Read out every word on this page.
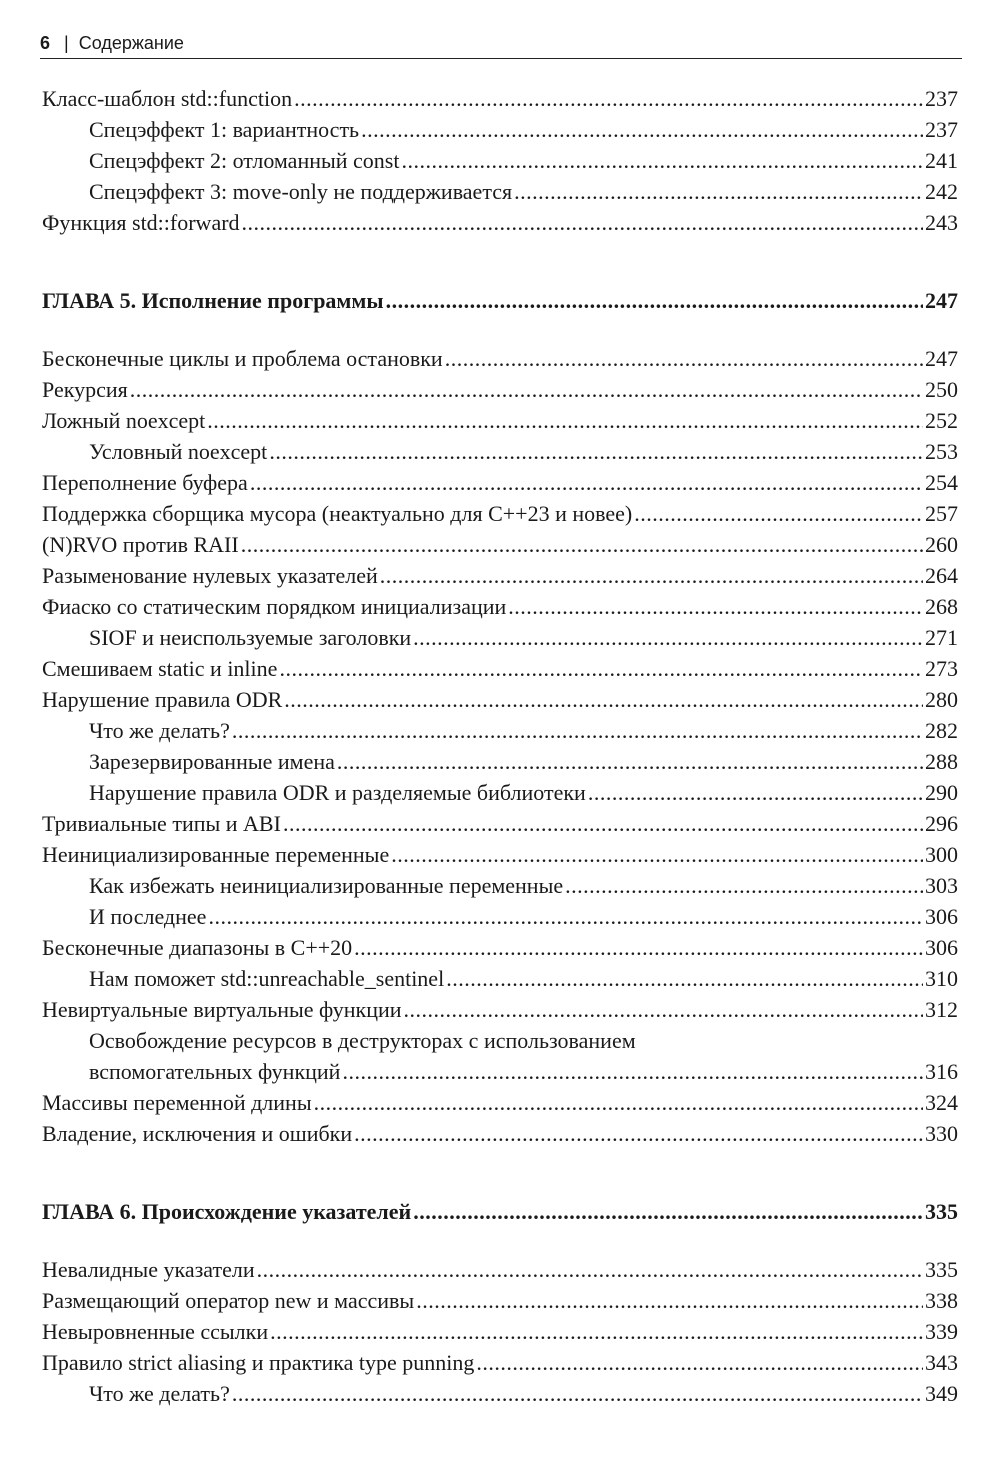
6 | Содержание
Класс-шаблон std::function .....	237
Спецэффект 1: вариантность .....	237
Спецэффект 2: отломанный const .....	241
Спецэффект 3: move-only не поддерживается .....	242
Функция std::forward .....	243
ГЛАВА 5. Исполнение программы .....	247
Бесконечные циклы и проблема остановки .....	247
Рекурсия .....	250
Ложный noexcept .....	252
Условный noexcept .....	253
Переполнение буфера .....	254
Поддержка сборщика мусора (неактуально для C++23 и новее) .....	257
(N)RVO против RAII .....	260
Разыменование нулевых указателей .....	264
Фиаско со статическим порядком инициализации .....	268
SIOF и неиспользуемые заголовки .....	271
Смешиваем static и inline .....	273
Нарушение правила ODR .....	280
Что же делать? .....	282
Зарезервированные имена .....	288
Нарушение правила ODR и разделяемые библиотеки .....	290
Тривиальные типы и ABI .....	296
Неинициализированные переменные .....	300
Как избежать неинициализированные переменные .....	303
И последнее .....	306
Бесконечные диапазоны в C++20 .....	306
Нам поможет std::unreachable_sentinel .....	310
Невиртуальные виртуальные функции .....	312
Освобождение ресурсов в деструкторах с использованием
вспомогательных функций .....	316
Массивы переменной длины .....	324
Владение, исключения и ошибки .....	330
ГЛАВА 6. Происхождение указателей .....	335
Невалидные указатели .....	335
Размещающий оператор new и массивы .....	338
Невыровненные ссылки .....	339
Правило strict aliasing и практика type punning .....	343
Что же делать? .....	349
